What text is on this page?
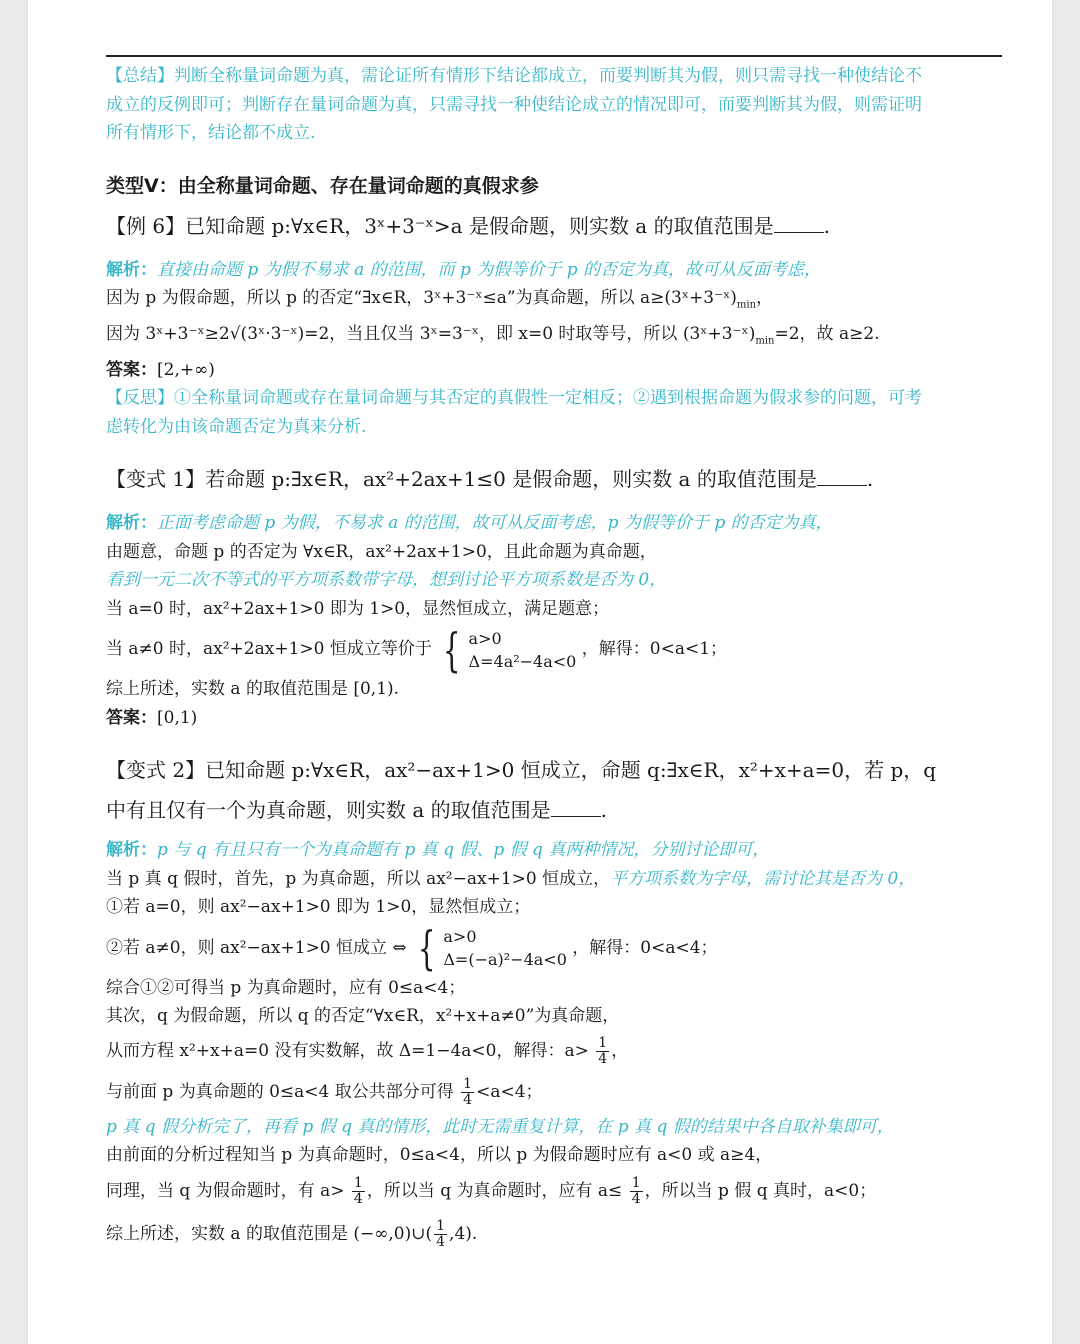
【总结】判断全称量词命题为真，需论证所有情形下结论都成立，而要判断其为假，则只需寻找一种使结论不
成立的反例即可；判断存在量词命题为真，只需寻找一种使结论成立的情况即可，而要判断其为假，则需证明
所有情形下，结论都不成立.
类型Ⅴ：由全称量词命题、存在量词命题的真假求参
【例 6】已知命题 p:∀x∈R，3ˣ+3⁻ˣ>a 是假命题，则实数 a 的取值范围是	.
解析：直接由命题 p 为假不易求 a 的范围，而 p 为假等价于 p 的否定为真，故可从反面考虑，
因为 p 为假命题，所以 p 的否定“∃x∈R，3ˣ+3⁻ˣ≤a”为真命题，所以 $a\ge(3ˣ+3^-ˣ)_{min}$，
因为 3ˣ+3⁻ˣ≥2√(3ˣ·3⁻ˣ)=2，当且仅当 3ˣ=3⁻ˣ，即 x=0 时取等号，所以 $(3ˣ+3^-ˣ)_{min}=2$，故 a≥2.
答案：[2,+∞)
【反思】①全称量词命题或存在量词命题与其否定的真假性一定相反；②遇到根据命题为假求参的问题，可考
虑转化为由该命题否定为真来分析.
【变式 1】若命题 p:∃x∈R，ax²+2ax+1≤0 是假命题，则实数 a 的取值范围是	.
解析：正面考虑命题 p 为假，不易求 a 的范围，故可从反面考虑，p 为假等价于 p 的否定为真，
由题意，命题 p 的否定为 ∀x∈R，ax²+2ax+1>0，且此命题为真命题，
看到一元二次不等式的平方项系数带字母，想到讨论平方项系数是否为 0，
当 a=0 时，ax²+2ax+1>0 即为 1>0，显然恒成立，满足题意；
当 a≠0 时，ax²+2ax+1>0 恒成立等价于 { a>0
Δ=4a²−4a<0
，解得：0<a<1；
综上所述，实数 a 的取值范围是 [0,1).
答案：[0,1)
【变式 2】已知命题 p:∀x∈R，ax²−ax+1>0 恒成立，命题 q:∃x∈R，x²+x+a=0，若 p，q
中有且仅有一个为真命题，则实数 a 的取值范围是	.
解析：p 与 q 有且只有一个为真命题有 p 真 q 假、p 假 q 真两种情况，分别讨论即可，
当 p 真 q 假时，首先，p 为真命题，所以 ax²−ax+1>0 恒成立，平方项系数为字母，需讨论其是否为 0，
①若 a=0，则 ax²−ax+1>0 即为 1>0，显然恒成立；
②若 a≠0，则 ax²−ax+1>0 恒成立 ⇔ { a>0
Δ=(−a)²−4a<0
，解得：0<a<4；
综合①②可得当 p 为真命题时，应有 0≤a<4；
其次，q 为假命题，所以 q 的否定“∀x∈R，x²+x+a≠0”为真命题，
从而方程 x²+x+a=0 没有实数解，故 Δ=1−4a<0，解得：$a> \frac{1}{4}$ ，
与前面 p 为真命题的 0≤a<4 取公共部分可得 $\frac{1}{4} <a<4$；
p 真 q 假分析完了，再看 p 假 q 真的情形，此时无需重复计算，在 p 真 q 假的结果中各自取补集即可，
由前面的分析过程知当 p 为真命题时，0≤a<4，所以 p 为假命题时应有 a<0 或 a≥4，
同理，当 q 为假命题时，有 $a> \frac{1}{4}$ ，所以当 q 为真命题时，应有 $a\le \frac{1}{4}$ ，所以当 p 假 q 真时，a<0；
综上所述，实数 a 的取值范围是 (−∞,0)∪( $\frac{1}{4} ,4$).
